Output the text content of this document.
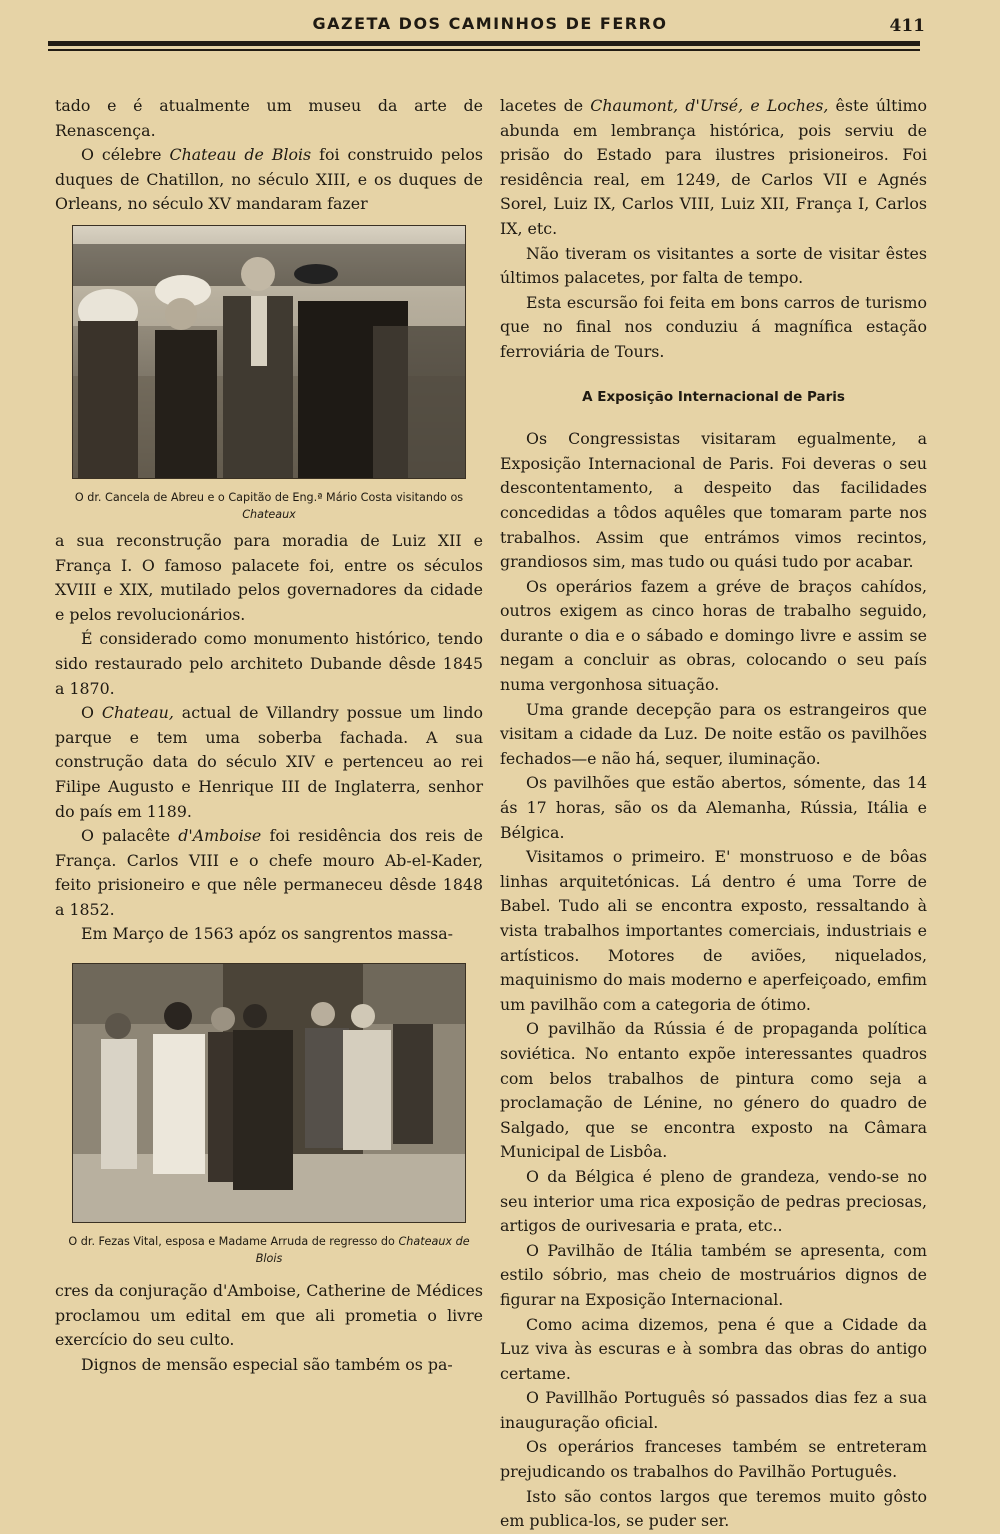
GAZETA DOS CAMINHOS DE FERRO	411

tado e é atualmente um museu da arte de Renascença.

O célebre Chateau de Blois foi construido pelos duques de Chatillon, no século XIII, e os duques de Orleans, no século XV mandaram fazer

O dr. Cancela de Abreu e o Capitão de Eng.ª Mário Costa visitando os Chateaux

a sua reconstrução para moradia de Luiz XII e França I. O famoso palacete foi, entre os séculos XVIII e XIX, mutilado pelos governadores da cidade e pelos revolucionários.

É considerado como monumento histórico, tendo sido restaurado pelo architeto Dubande dêsde 1845 a 1870.

O Chateau, actual de Villandry possue um lindo parque e tem uma soberba fachada. A sua construção data do século XIV e pertenceu ao rei Filipe Augusto e Henrique III de Inglaterra, senhor do país em 1189.

O palacête d'Amboise foi residência dos reis de França. Carlos VIII e o chefe mouro Ab-el-Kader, feito prisioneiro e que nêle permaneceu dêsde 1848 a 1852.

Em Março de 1563 apóz os sangrentos massa-

O dr. Fezas Vital, esposa e Madame Arruda de regresso do Chateaux de Blois

cres da conjuração d'Amboise, Catherine de Médices proclamou um edital em que ali prometia o livre exercício do seu culto.

Dignos de mensão especial são também os pa-

lacetes de Chaumont, d'Ursé, e Loches, êste último abunda em lembrança histórica, pois serviu de prisão do Estado para ilustres prisioneiros. Foi residência real, em 1249, de Carlos VII e Agnés Sorel, Luiz IX, Carlos VIII, Luiz XII, França I, Carlos IX, etc.

Não tiveram os visitantes a sorte de visitar êstes últimos palacetes, por falta de tempo.

Esta escursão foi feita em bons carros de turismo que no final nos conduziu á magnífica estação ferroviária de Tours.

A Exposição Internacional de Paris

Os Congressistas visitaram egualmente, a Exposição Internacional de Paris. Foi deveras o seu descontentamento, a despeito das facilidades concedidas a tôdos aquêles que tomaram parte nos trabalhos. Assim que entrámos vimos recintos, grandiosos sim, mas tudo ou quási tudo por acabar.

Os operários fazem a gréve de braços cahídos, outros exigem as cinco horas de trabalho seguido, durante o dia e o sábado e domingo livre e assim se negam a concluir as obras, colocando o seu país numa vergonhosa situação.

Uma grande decepção para os estrangeiros que visitam a cidade da Luz. De noite estão os pavilhões fechados—e não há, sequer, iluminação.

Os pavilhões que estão abertos, sómente, das 14 ás 17 horas, são os da Alemanha, Rússia, Itália e Bélgica.

Visitamos o primeiro. E' monstruoso e de bôas linhas arquitetónicas. Lá dentro é uma Torre de Babel. Tudo ali se encontra exposto, ressaltando à vista trabalhos importantes comerciais, industriais e artísticos. Motores de aviões, niquelados, maquinismo do mais moderno e aperfeiçoado, emfim um pavilhão com a categoria de ótimo.

O pavilhão da Rússia é de propaganda política soviética. No entanto expõe interessantes quadros com belos trabalhos de pintura como seja a proclamação de Lénine, no género do quadro de Salgado, que se encontra exposto na Câmara Municipal de Lisbôa.

O da Bélgica é pleno de grandeza, vendo-se no seu interior uma rica exposição de pedras preciosas, artigos de ourivesaria e prata, etc..

O Pavilhão de Itália também se apresenta, com estilo sóbrio, mas cheio de mostruários dignos de figurar na Exposição Internacional.

Como acima dizemos, pena é que a Cidade da Luz viva às escuras e à sombra das obras do antigo certame.

O Pavillhão Português só passados dias fez a sua inauguração oficial.

Os operários franceses também se entreteram prejudicando os trabalhos do Pavilhão Português.

Isto são contos largos que teremos muito gôsto em publica-los, se puder ser.
